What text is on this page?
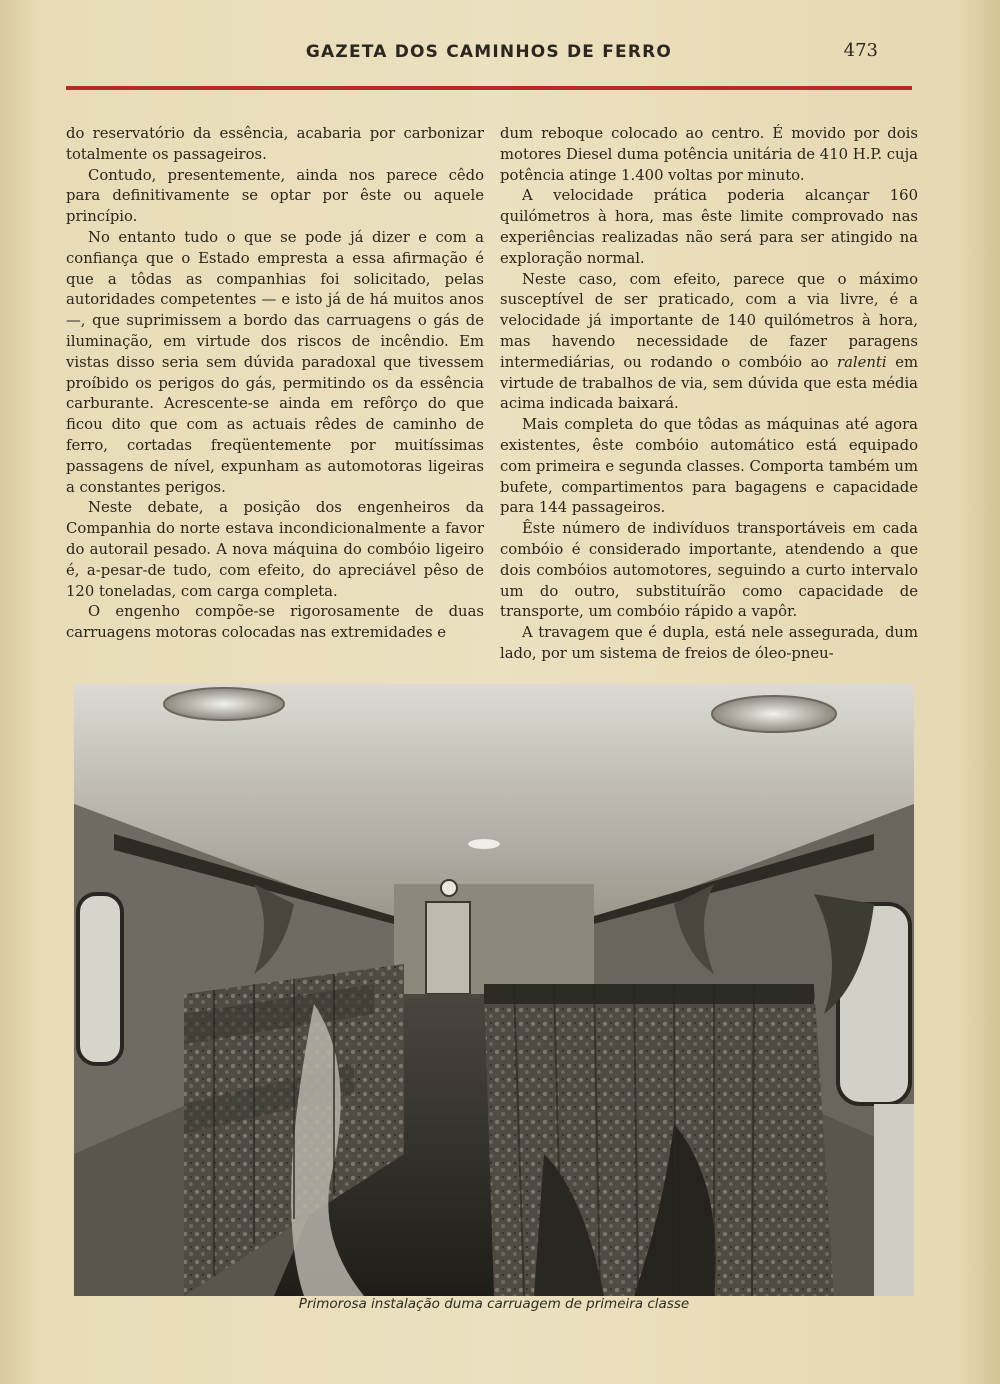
GAZETA DOS CAMINHOS DE FERRO	473

do reservatório da essência, acabaria por carbonizar totalmente os passageiros.

Contudo, presentemente, ainda nos parece cêdo para definitivamente se optar por êste ou aquele princípio.

No entanto tudo o que se pode já dizer e com a confiança que o Estado empresta a essa afirmação é que a tôdas as companhias foi solicitado, pelas autoridades competentes — e isto já de há muitos anos —, que suprimissem a bordo das carruagens o gás de iluminação, em virtude dos riscos de incêndio. Em vistas disso seria sem dúvida paradoxal que tivessem proíbido os perigos do gás, permitindo os da essência carburante. Acrescente-se ainda em refôrço do que ficou dito que com as actuais rêdes de caminho de ferro, cortadas freqüentemente por muitíssimas passagens de nível, expunham as automotoras ligeiras a constantes perigos.

Neste debate, a posição dos engenheiros da Companhia do norte estava incondicionalmente a favor do autorail pesado. A nova máquina do combóio ligeiro é, a-pesar-de tudo, com efeito, do apreciável pêso de 120 toneladas, com carga completa.

O engenho compõe-se rigorosamente de duas carruagens motoras colocadas nas extremidades e

dum reboque colocado ao centro. É movido por dois motores Diesel duma potência unitária de 410 H.P. cuja potência atinge 1.400 voltas por minuto.

A velocidade prática poderia alcançar 160 quilómetros à hora, mas êste limite comprovado nas experiências realizadas não será para ser atingido na exploração normal.

Neste caso, com efeito, parece que o máximo susceptível de ser praticado, com a via livre, é a velocidade já importante de 140 quilómetros à hora, mas havendo necessidade de fazer paragens intermediárias, ou rodando o combóio ao ralenti em virtude de trabalhos de via, sem dúvida que esta média acima indicada baixará.

Mais completa do que tôdas as máquinas até agora existentes, êste combóio automático está equipado com primeira e segunda classes. Comporta também um bufete, compartimentos para bagagens e capacidade para 144 passageiros.

Êste número de indivíduos transportáveis em cada combóio é considerado importante, atendendo a que dois combóios automotores, seguindo a curto intervalo um do outro, substituírão como capacidade de transporte, um combóio rápido a vapôr.

A travagem que é dupla, está nele assegurada, dum lado, por um sistema de freios de óleo-pneu-

Primorosa instalação duma carruagem de primeira classe
